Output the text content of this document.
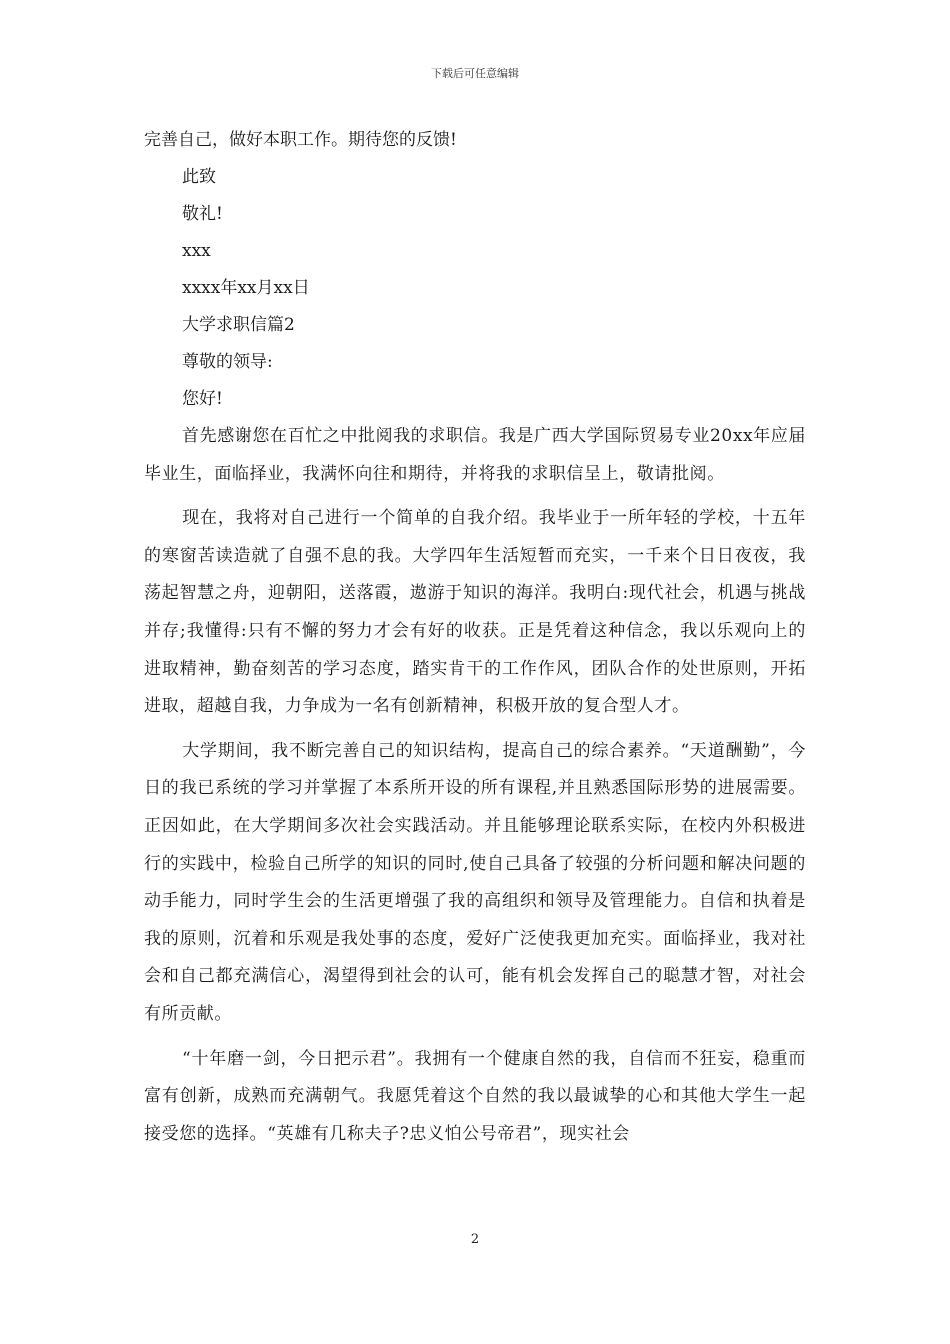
下载后可任意编辑
完善自己，做好本职工作。期待您的反馈!
此致
敬礼!
xxx
xxxx年xx月xx日
大学求职信篇2
尊敬的领导:
您好!
首先感谢您在百忙之中批阅我的求职信。我是广西大学国际贸易专业20xx年应届毕业生，面临择业，我满怀向往和期待，并将我的求职信呈上，敬请批阅。
现在，我将对自己进行一个简单的自我介绍。我毕业于一所年轻的学校，十五年的寒窗苦读造就了自强不息的我。大学四年生活短暂而充实，一千来个日日夜夜，我荡起智慧之舟，迎朝阳，送落霞，遨游于知识的海洋。我明白:现代社会，机遇与挑战并存;我懂得:只有不懈的努力才会有好的收获。正是凭着这种信念，我以乐观向上的进取精神，勤奋刻苦的学习态度，踏实肯干的工作作风，团队合作的处世原则，开拓进取，超越自我，力争成为一名有创新精神，积极开放的复合型人才。
大学期间，我不断完善自己的知识结构，提高自己的综合素养。“天道酬勤”，今日的我已系统的学习并掌握了本系所开设的所有课程,并且熟悉国际形势的进展需要。正因如此，在大学期间多次社会实践活动。并且能够理论联系实际，在校内外积极进行的实践中，检验自己所学的知识的同时,使自己具备了较强的分析问题和解决问题的动手能力，同时学生会的生活更增强了我的高组织和领导及管理能力。自信和执着是我的原则，沉着和乐观是我处事的态度，爱好广泛使我更加充实。面临择业，我对社会和自己都充满信心，渴望得到社会的认可，能有机会发挥自己的聪慧才智，对社会有所贡献。
“十年磨一剑，今日把示君”。我拥有一个健康自然的我，自信而不狂妄，稳重而富有创新，成熟而充满朝气。我愿凭着这个自然的我以最诚挚的心和其他大学生一起接受您的选择。“英雄有几称夫子?忠义怕公号帝君”，现实社会
2
